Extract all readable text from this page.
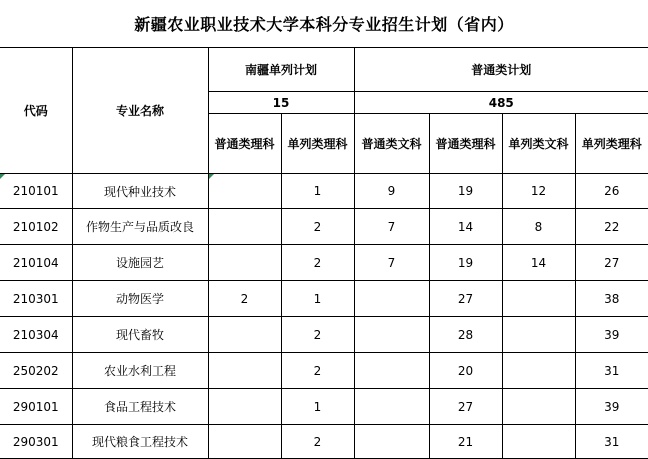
新疆农业职业技术大学本科分专业招生计划（省内）
代码	专业名称	南疆单列计划		普通类计划			
		15		485			
		普通类理科	单列类理科	普通类文科	普通类理科	单列类文科	单列类理科
210101	现代种业技术		1	9	19	12	26
210102	作物生产与品质改良		2	7	14	8	22
210104	设施园艺		2	7	19	14	27
210301	动物医学	2	1		27		38
210304	现代畜牧		2		28		39
250202	农业水利工程		2		20		31
290101	食品工程技术		1		27		39
290301	现代粮食工程技术		2		21		31
